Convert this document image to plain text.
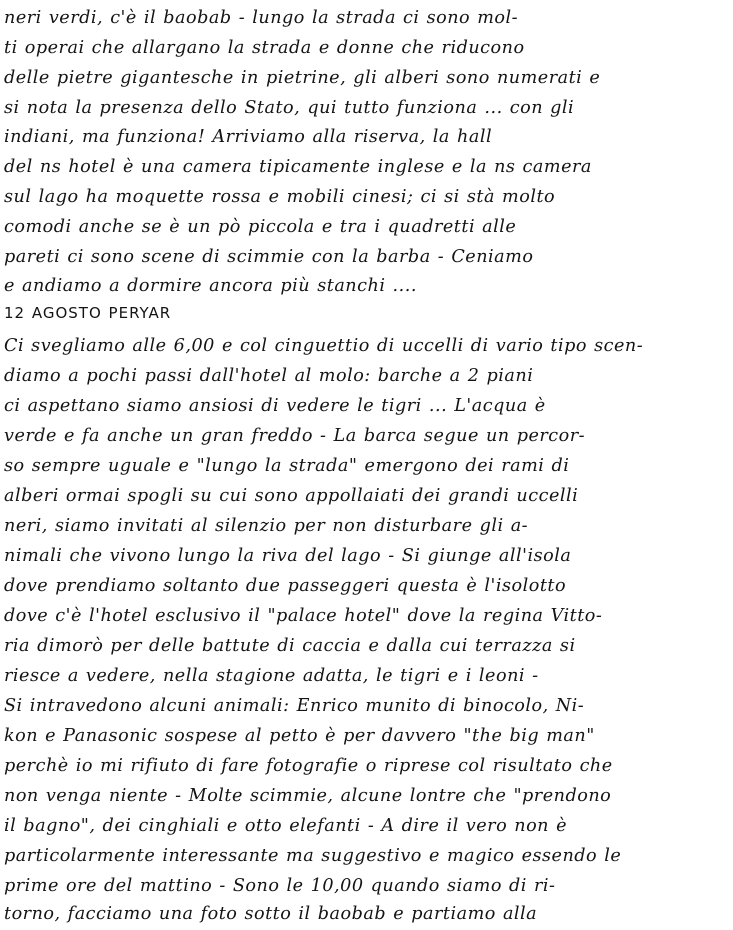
neri verdi, c'è il baobab - lungo la strada ci sono mol-
ti operai che allargano la strada e donne che riducono
delle pietre gigantesche in pietrine, gli alberi sono numerati e
si nota la presenza dello Stato, qui tutto funziona ... con gli
indiani, ma funziona! Arriviamo alla riserva, la hall
del ns hotel è una camera tipicamente inglese e la ns camera
sul lago ha moquette rossa e mobili cinesi; ci si stà molto
comodi anche se è un pò piccola e tra i quadretti alle
pareti ci sono scene di scimmie con la barba - Ceniamo
e andiamo a dormire ancora più stanchi ....
12 AGOSTO PERYAR
Ci svegliamo alle 6,00 e col cinguettio di uccelli di vario tipo scen-
diamo a pochi passi dall'hotel al molo: barche a 2 piani
ci aspettano siamo ansiosi di vedere le tigri ... L'acqua è
verde e fa anche un gran freddo - La barca segue un percor-
so sempre uguale e "lungo la strada" emergono dei rami di
alberi ormai spogli su cui sono appollaiati dei grandi uccelli
neri, siamo invitati al silenzio per non disturbare gli a-
nimali che vivono lungo la riva del lago - Si giunge all'isola
dove prendiamo soltanto due passeggeri questa è l'isolotto
dove c'è l'hotel esclusivo il "palace hotel" dove la regina Vitto-
ria dimorò per delle battute di caccia e dalla cui terrazza si
riesce a vedere, nella stagione adatta, le tigri e i leoni -
Si intravedono alcuni animali: Enrico munito di binocolo, Ni-
kon e Panasonic sospese al petto è per davvero "the big man"
perchè io mi rifiuto di fare fotografie o riprese col risultato che
non venga niente - Molte scimmie, alcune lontre che "prendono
il bagno", dei cinghiali e otto elefanti - A dire il vero non è
particolarmente interessante ma suggestivo e magico essendo le
prime ore del mattino - Sono le 10,00 quando siamo di ri-
torno, facciamo una foto sotto il baobab e partiamo alla
